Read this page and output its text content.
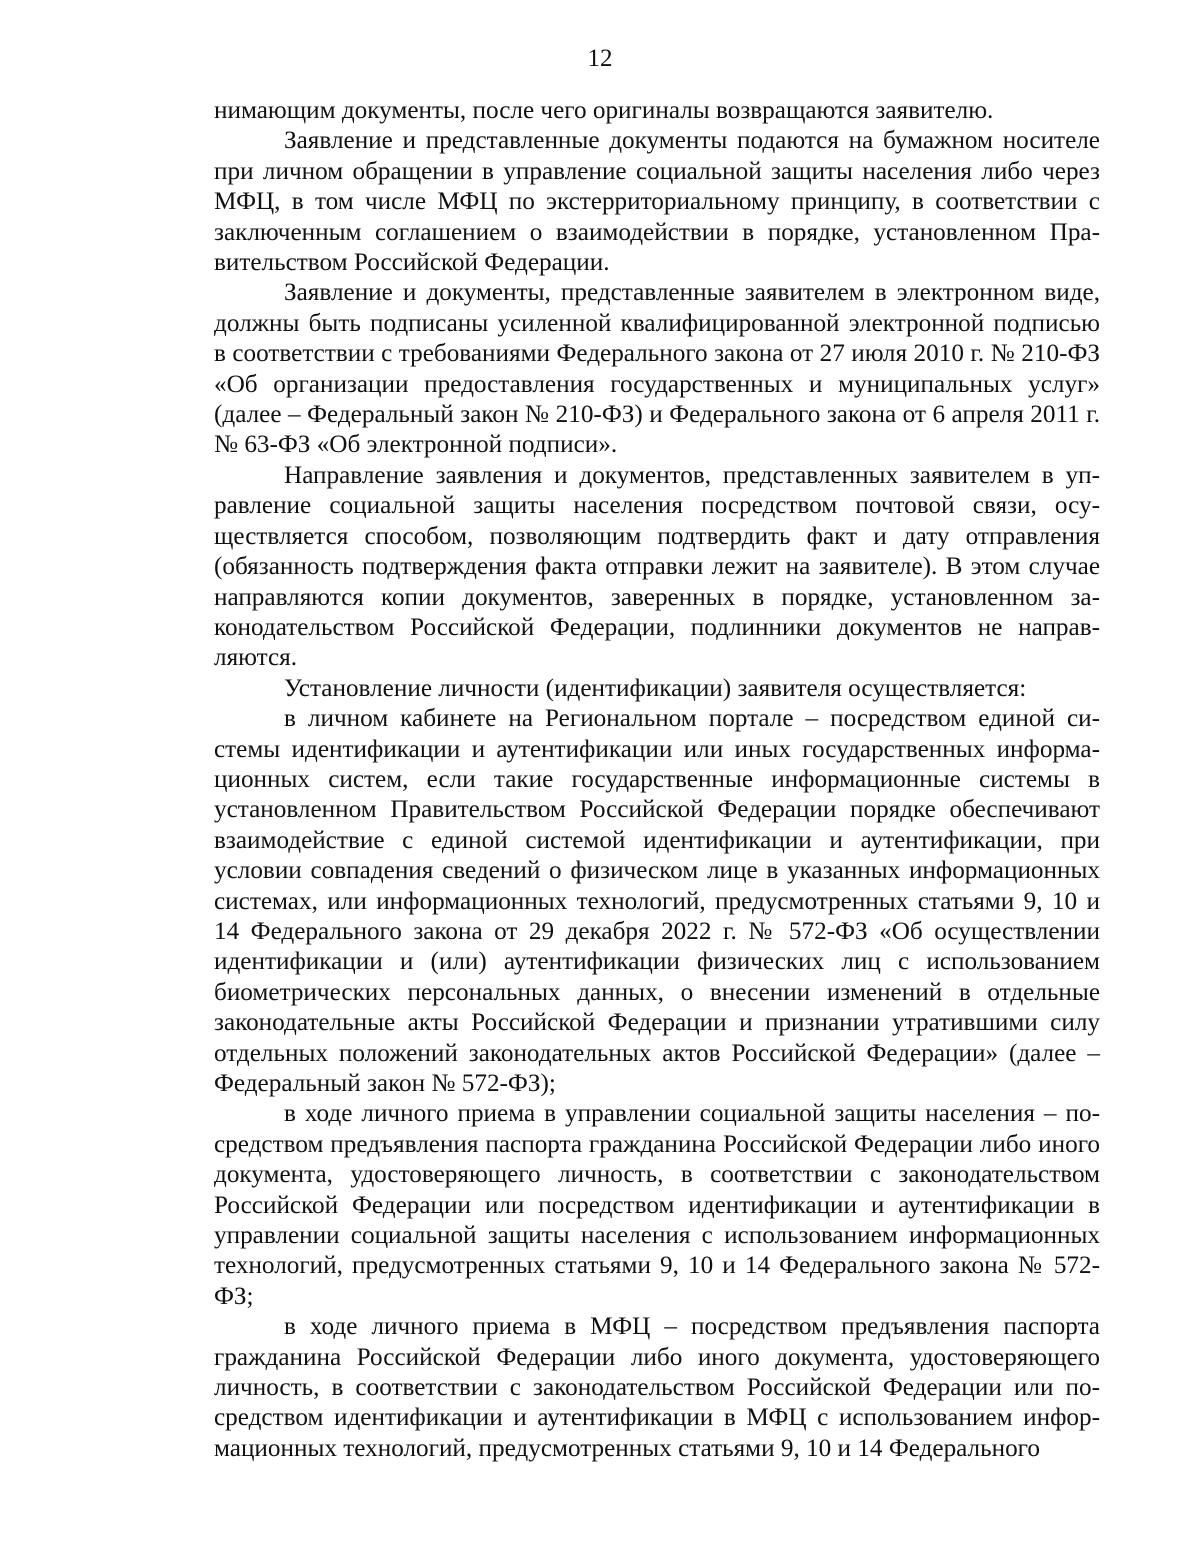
12

нимающим документы, после чего оригиналы возвращаются заявителю.

Заявление и представленные документы подаются на бумажном носителе при личном обращении в управление социальной защиты населения либо через МФЦ, в том числе МФЦ по экстерриториальному принципу, в соответствии с заключенным соглашением о взаимодействии в порядке, установленном Правительством Российской Федерации.

Заявление и документы, представленные заявителем в электронном виде, должны быть подписаны усиленной квалифицированной электронной подписью в соответствии с требованиями Федерального закона от 27 июля 2010 г. № 210-ФЗ «Об организации предоставления государственных и муниципальных услуг» (далее – Федеральный закон № 210-ФЗ) и Федерального закона от 6 апреля 2011 г. № 63-ФЗ «Об электронной подписи».

Направление заявления и документов, представленных заявителем в управление социальной защиты населения посредством почтовой связи, осуществляется способом, позволяющим подтвердить факт и дату отправления (обязанность подтверждения факта отправки лежит на заявителе). В этом случае направляются копии документов, заверенных в порядке, установленном законодательством Российской Федерации, подлинники документов не направляются.

Установление личности (идентификации) заявителя осуществляется:

в личном кабинете на Региональном портале – посредством единой системы идентификации и аутентификации или иных государственных информационных систем, если такие государственные информационные системы в установленном Правительством Российской Федерации порядке обеспечивают взаимодействие с единой системой идентификации и аутентификации, при условии совпадения сведений о физическом лице в указанных информационных системах, или информационных технологий, предусмотренных статьями 9, 10 и 14 Федерального закона от 29 декабря 2022 г. № 572-ФЗ «Об осуществлении идентификации и (или) аутентификации физических лиц с использованием биометрических персональных данных, о внесении изменений в отдельные законодательные акты Российской Федерации и признании утратившими силу отдельных положений законодательных актов Российской Федерации» (далее – Федеральный закон № 572-ФЗ);

в ходе личного приема в управлении социальной защиты населения – посредством предъявления паспорта гражданина Российской Федерации либо иного документа, удостоверяющего личность, в соответствии с законодательством Российской Федерации или посредством идентификации и аутентификации в управлении социальной защиты населения с использованием информационных технологий, предусмотренных статьями 9, 10 и 14 Федерального закона № 572-ФЗ;

в ходе личного приема в МФЦ – посредством предъявления паспорта гражданина Российской Федерации либо иного документа, удостоверяющего личность, в соответствии с законодательством Российской Федерации или посредством идентификации и аутентификации в МФЦ с использованием информационных технологий, предусмотренных статьями 9, 10 и 14 Федерального
